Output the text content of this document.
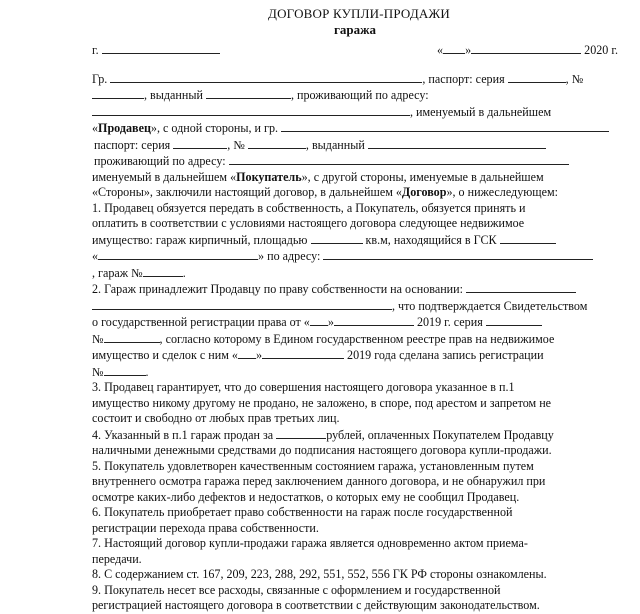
ДОГОВОР КУПЛИ-ПРОДАЖИ
гаража
г.	« »	2020 г.
Гр.	, паспорт: серия	, №
, выданный	, проживающий по адресу:
, именуемый в дальнейшем
«Продавец», с одной стороны, и гр.
паспорт: серия	, №	, выданный
проживающий по адресу:
именуемый в дальнейшем «Покупатель», с другой стороны, именуемые в дальнейшем
«Стороны», заключили настоящий договор, в дальнейшем «Договор», о нижеследующем:
1. Продавец обязуется передать в собственность, а Покупатель, обязуется принять и
оплатить в соответствии с условиями настоящего договора следующее недвижимое
имущество: гараж кирпичный, площадью	кв.м, находящийся в ГСК
«	» по адресу:
, гараж №	.
2. Гараж принадлежит Продавцу по праву собственности на основании:
, что подтверждается Свидетельством
о государственной регистрации права от « »	2019 г. серия
№	, согласно которому в Едином государственном реестре прав на недвижимое
имущество и сделок с ним « »	2019 года сделана запись регистрации
№	.
3. Продавец гарантирует, что до совершения настоящего договора указанное в п.1
имущество никому другому не продано, не заложено, в споре, под арестом и запретом не
состоит и свободно от любых прав третьих лиц.
4. Указанный в п.1 гараж продан за	рублей, оплаченных Покупателем Продавцу
наличными денежными средствами до подписания настоящего договора купли-продажи.
5. Покупатель удовлетворен качественным состоянием гаража, установленным путем
внутреннего осмотра гаража перед заключением данного договора, и не обнаружил при
осмотре каких-либо дефектов и недостатков, о которых ему не сообщил Продавец.
6. Покупатель приобретает право собственности на гараж после государственной
регистрации перехода права собственности.
7. Настоящий договор купли-продажи гаража является одновременно актом приема-
передачи.
8. С содержанием ст. 167, 209, 223, 288, 292, 551, 552, 556 ГК РФ стороны ознакомлены.
9. Покупатель несет все расходы, связанные с оформлением и государственной
регистрацией настоящего договора в соответствии с действующим законодательством.
